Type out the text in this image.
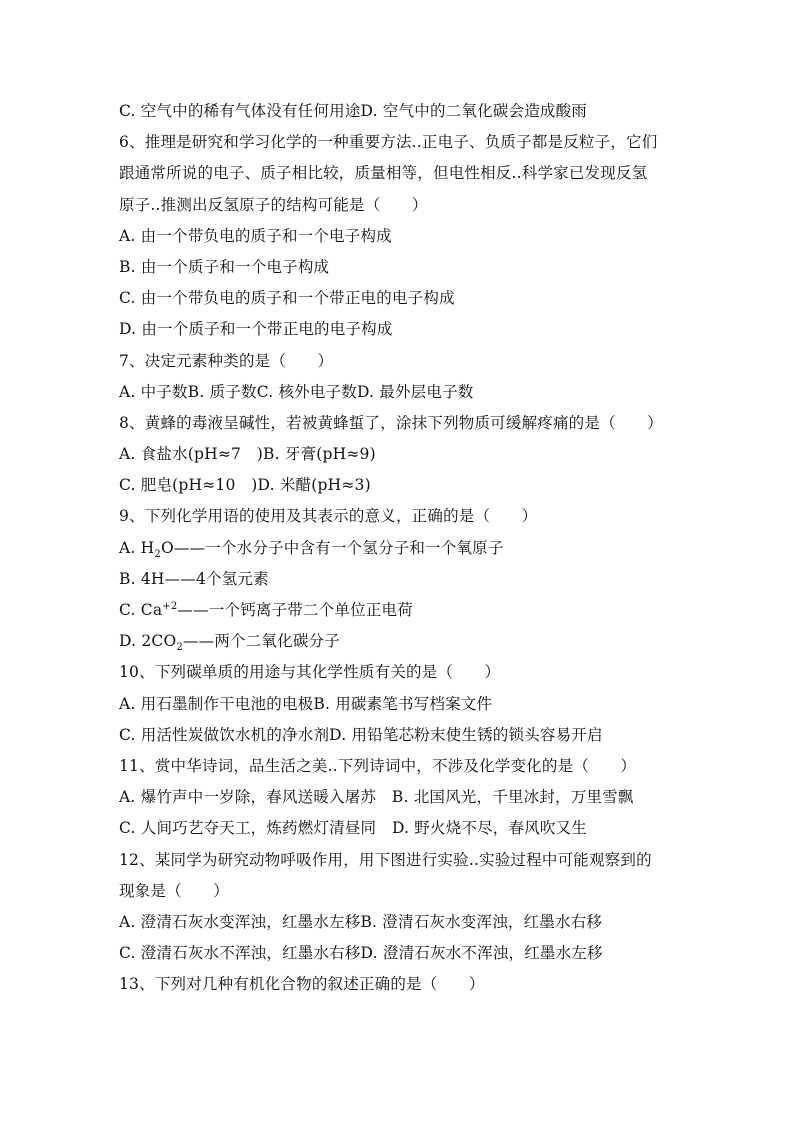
C. 空气中的稀有气体没有任何用途D. 空气中的二氧化碳会造成酸雨
6、推理是研究和学习化学的一种重要方法..正电子、负质子都是反粒子，它们
跟通常所说的电子、质子相比较，质量相等，但电性相反..科学家已发现反氢
原子..推测出反氢原子的结构可能是（　　）
A. 由一个带负电的质子和一个电子构成
B. 由一个质子和一个电子构成
C. 由一个带负电的质子和一个带正电的电子构成
D. 由一个质子和一个带正电的电子构成
7、决定元素种类的是（　　）
A. 中子数B. 质子数C. 核外电子数D. 最外层电子数
8、黄蜂的毒液呈碱性，若被黄蜂蜇了，涂抹下列物质可缓解疼痛的是（　　）
A. 食盐水(pH≈7　)B. 牙膏(pH≈9)
C. 肥皂(pH≈10　)D. 米醋(pH≈3)
9、下列化学用语的使用及其表示的意义，正确的是（　　）
A. $H_2O——$一个水分子中含有一个氢分子和一个氧原子
B. 4H——4个氢元素
C. $Ca^{+2}——$一个钙离子带二个单位正电荷
D. $2CO_2——$两个二氧化碳分子
10、下列碳单质的用途与其化学性质有关的是（　　）
A. 用石墨制作干电池的电极B. 用碳素笔书写档案文件
C. 用活性炭做饮水机的净水剂D. 用铅笔芯粉末使生锈的锁头容易开启
11、赏中华诗词，品生活之美..下列诗词中，不涉及化学变化的是（　　）
A. 爆竹声中一岁除，春风送暖入屠苏　B. 北国风光，千里冰封，万里雪飘
C. 人间巧艺夺天工，炼药燃灯清昼同　D. 野火烧不尽，春风吹又生
12、某同学为研究动物呼吸作用，用下图进行实验..实验过程中可能观察到的
现象是（　　）
A. 澄清石灰水变浑浊，红墨水左移B. 澄清石灰水变浑浊，红墨水右移
C. 澄清石灰水不浑浊，红墨水右移D. 澄清石灰水不浑浊，红墨水左移
13、下列对几种有机化合物的叙述正确的是（　　）
